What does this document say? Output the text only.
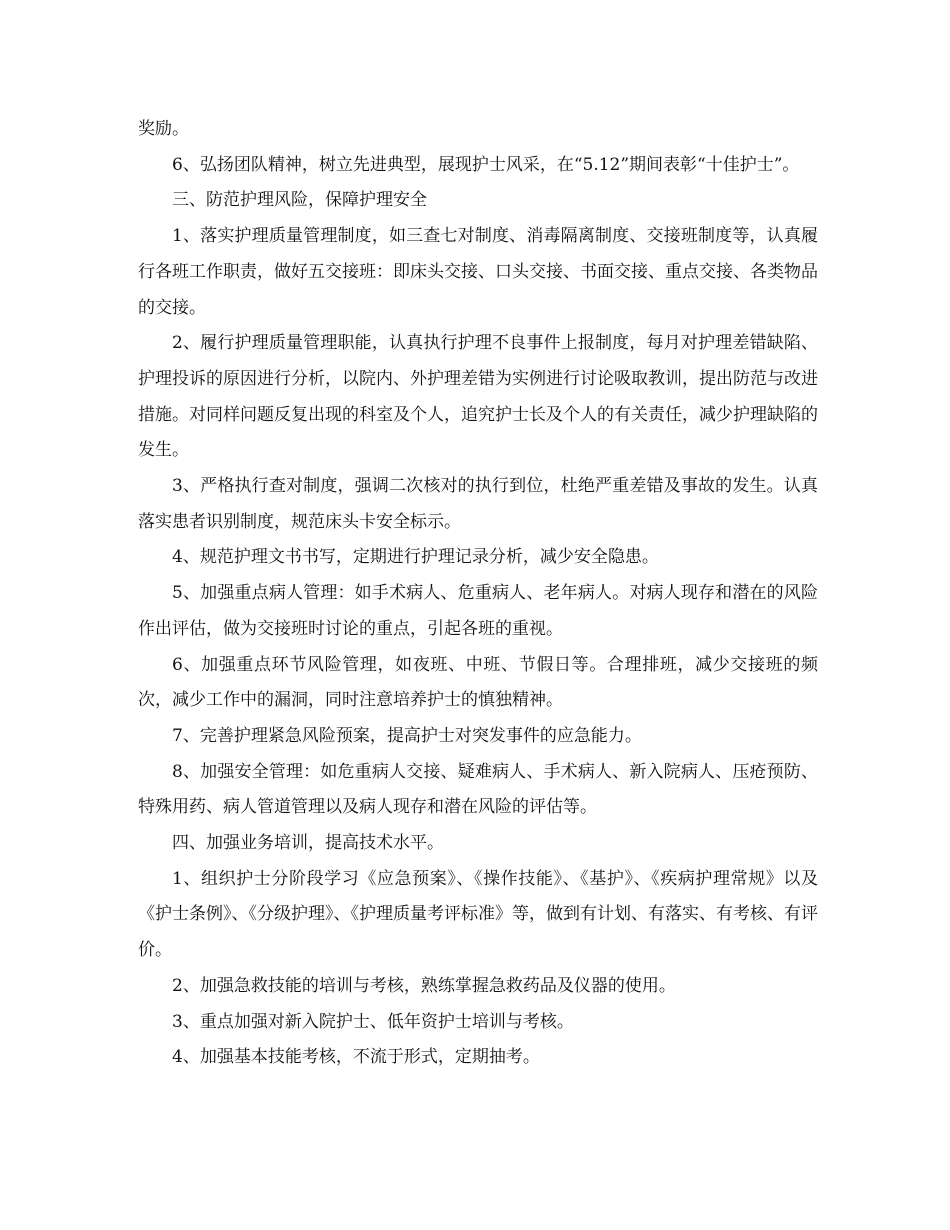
奖励。

6、弘扬团队精神，树立先进典型，展现护士风采，在“5.12”期间表彰“十佳护士”。

三、防范护理风险，保障护理安全

1、落实护理质量管理制度，如三查七对制度、消毒隔离制度、交接班制度等，认真履行各班工作职责，做好五交接班：即床头交接、口头交接、书面交接、重点交接、各类物品的交接。

2、履行护理质量管理职能，认真执行护理不良事件上报制度，每月对护理差错缺陷、护理投诉的原因进行分析，以院内、外护理差错为实例进行讨论吸取教训，提出防范与改进措施。对同样问题反复出现的科室及个人，追究护士长及个人的有关责任，减少护理缺陷的发生。

3、严格执行查对制度，强调二次核对的执行到位，杜绝严重差错及事故的发生。认真落实患者识别制度，规范床头卡安全标示。

4、规范护理文书书写，定期进行护理记录分析，减少安全隐患。

5、加强重点病人管理：如手术病人、危重病人、老年病人。对病人现存和潜在的风险作出评估，做为交接班时讨论的重点，引起各班的重视。

6、加强重点环节风险管理，如夜班、中班、节假日等。合理排班，减少交接班的频次，减少工作中的漏洞，同时注意培养护士的慎独精神。

7、完善护理紧急风险预案，提高护士对突发事件的应急能力。

8、加强安全管理：如危重病人交接、疑难病人、手术病人、新入院病人、压疮预防、特殊用药、病人管道管理以及病人现存和潜在风险的评估等。

四、加强业务培训，提高技术水平。

1、组织护士分阶段学习《应急预案》、《操作技能》、《基护》、《疾病护理常规》以及《护士条例》、《分级护理》、《护理质量考评标准》等，做到有计划、有落实、有考核、有评价。

2、加强急救技能的培训与考核，熟练掌握急救药品及仪器的使用。

3、重点加强对新入院护士、低年资护士培训与考核。

4、加强基本技能考核，不流于形式，定期抽考。
